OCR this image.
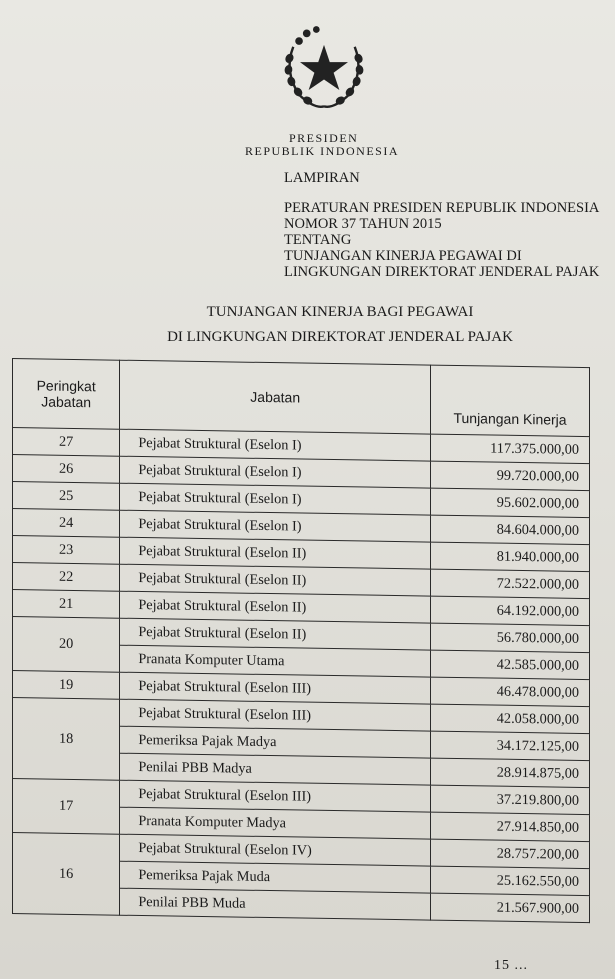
PRESIDEN
REPUBLIK INDONESIA
LAMPIRAN
PERATURAN PRESIDEN REPUBLIK INDONESIA
NOMOR 37 TAHUN 2015
TENTANG
TUNJANGAN KINERJA PEGAWAI DI
LINGKUNGAN DIREKTORAT JENDERAL PAJAK
TUNJANGAN KINERJA BAGI PEGAWAI
DI LINGKUNGAN DIREKTORAT JENDERAL PAJAK
Peringkat Jabatan	Jabatan	Tunjangan Kinerja
27	Pejabat Struktural (Eselon I)	117.375.000,00
26	Pejabat Struktural (Eselon I)	99.720.000,00
25	Pejabat Struktural (Eselon I)	95.602.000,00
24	Pejabat Struktural (Eselon I)	84.604.000,00
23	Pejabat Struktural (Eselon II)	81.940.000,00
22	Pejabat Struktural (Eselon II)	72.522.000,00
21	Pejabat Struktural (Eselon II)	64.192.000,00
20	Pejabat Struktural (Eselon II)	56.780.000,00
	Pranata Komputer Utama	42.585.000,00
19	Pejabat Struktural (Eselon III)	46.478.000,00
18	Pejabat Struktural (Eselon III)	42.058.000,00
	Pemeriksa Pajak Madya	34.172.125,00
	Penilai PBB Madya	28.914.875,00
17	Pejabat Struktural (Eselon III)	37.219.800,00
	Pranata Komputer Madya	27.914.850,00
16	Pejabat Struktural (Eselon IV)	28.757.200,00
	Pemeriksa Pajak Muda	25.162.550,00
	Penilai PBB Muda	21.567.900,00
15 ...
